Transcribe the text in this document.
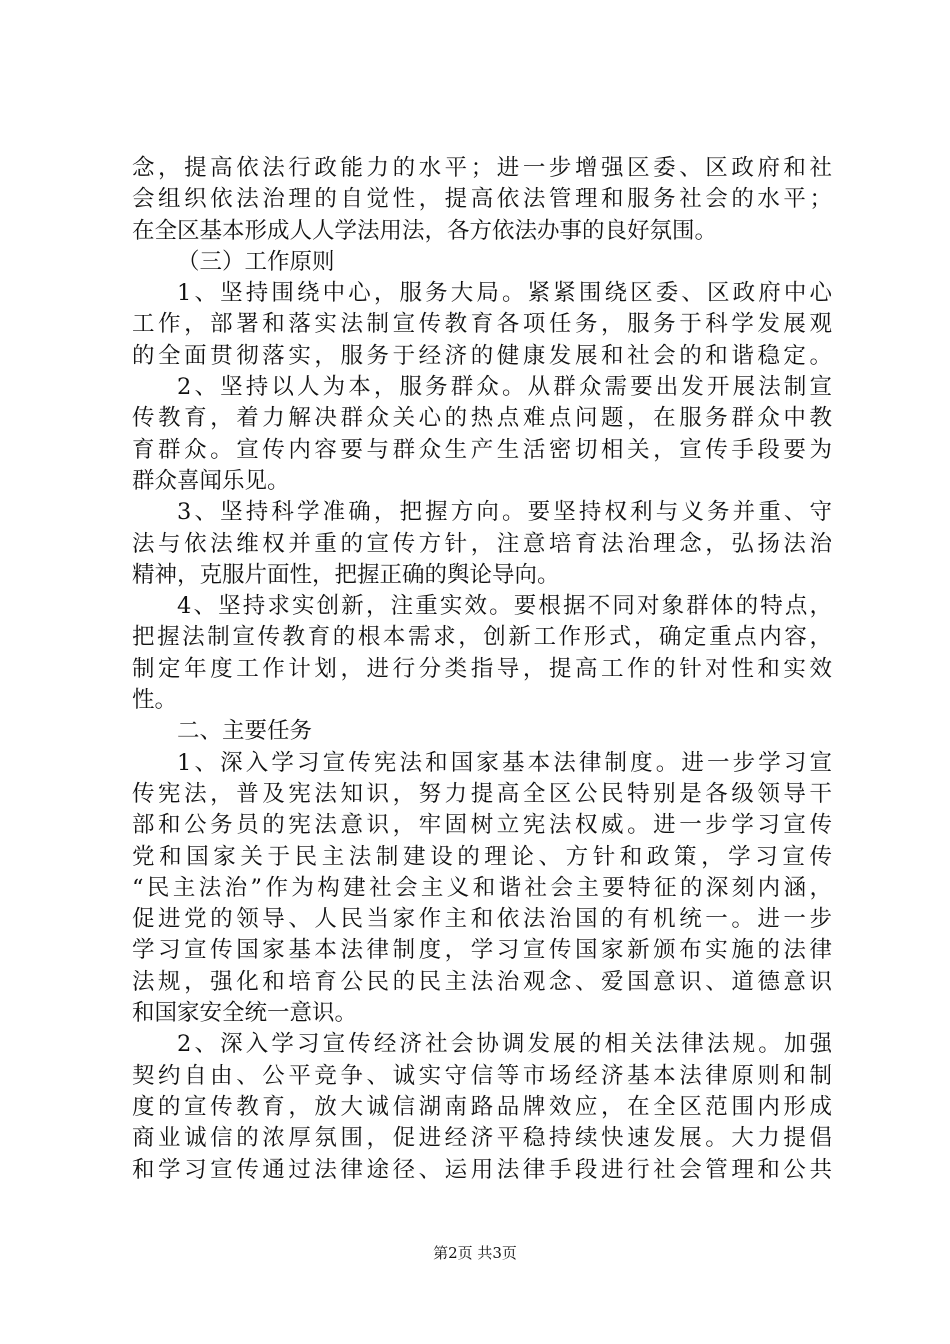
念，提高依法行政能力的水平；进一步增强区委、区政府和社
会组织依法治理的自觉性，提高依法管理和服务社会的水平；
在全区基本形成人人学法用法，各方依法办事的良好氛围。
（三）工作原则
1、坚持围绕中心，服务大局。紧紧围绕区委、区政府中心
工作，部署和落实法制宣传教育各项任务，服务于科学发展观
的全面贯彻落实，服务于经济的健康发展和社会的和谐稳定。
2、坚持以人为本，服务群众。从群众需要出发开展法制宣
传教育，着力解决群众关心的热点难点问题，在服务群众中教
育群众。宣传内容要与群众生产生活密切相关，宣传手段要为
群众喜闻乐见。
3、坚持科学准确，把握方向。要坚持权利与义务并重、守
法与依法维权并重的宣传方针，注意培育法治理念，弘扬法治
精神，克服片面性，把握正确的舆论导向。
4、坚持求实创新，注重实效。要根据不同对象群体的特点，
把握法制宣传教育的根本需求，创新工作形式，确定重点内容，
制定年度工作计划，进行分类指导，提高工作的针对性和实效
性。
二、主要任务
1、深入学习宣传宪法和国家基本法律制度。进一步学习宣
传宪法，普及宪法知识，努力提高全区公民特别是各级领导干
部和公务员的宪法意识，牢固树立宪法权威。进一步学习宣传
党和国家关于民主法制建设的理论、方针和政策，学习宣传
“民主法治”作为构建社会主义和谐社会主要特征的深刻内涵，
促进党的领导、人民当家作主和依法治国的有机统一。进一步
学习宣传国家基本法律制度，学习宣传国家新颁布实施的法律
法规，强化和培育公民的民主法治观念、爱国意识、道德意识
和国家安全统一意识。
2、深入学习宣传经济社会协调发展的相关法律法规。加强
契约自由、公平竞争、诚实守信等市场经济基本法律原则和制
度的宣传教育，放大诚信湖南路品牌效应，在全区范围内形成
商业诚信的浓厚氛围，促进经济平稳持续快速发展。大力提倡
和学习宣传通过法律途径、运用法律手段进行社会管理和公共
第2页 共3页
